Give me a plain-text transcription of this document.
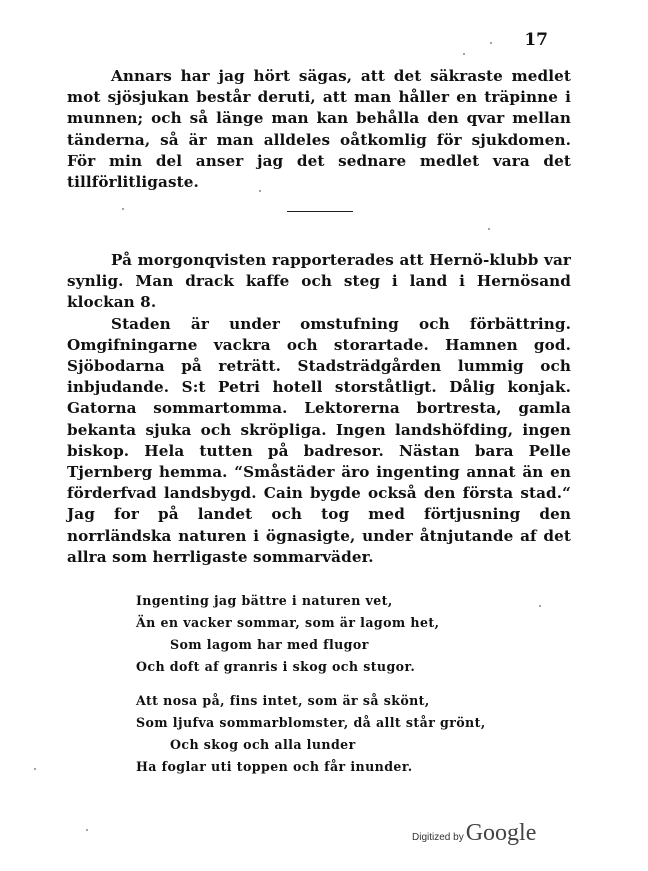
17

Annars har jag hört sägas, att det säkraste medlet mot sjösjukan består deruti, att man håller en träpinne i munnen; och så länge man kan behålla den qvar mellan tänderna, så är man alldeles oåtkomlig för sjukdomen. För min del anser jag det sednare medlet vara det tillförlitligaste.

På morgonqvisten rapporterades att Hernö-klubb var synlig. Man drack kaffe och steg i land i Hernösand klockan 8.

Staden är under omstufning och förbättring. Omgifningarne vackra och storartade. Hamnen god. Sjöbodarna på reträtt. Stadsträdgården lummig och inbjudande. S:t Petri hotell storståtligt. Dålig konjak. Gatorna sommartomma. Lektorerna bortresta, gamla bekanta sjuka och skröpliga. Ingen landshöfding, ingen biskop. Hela tutten på badresor. Nästan bara Pelle Tjernberg hemma. “Småstäder äro ingenting annat än en förderfvad landsbygd. Cain bygde också den första stad.“ Jag for på landet och tog med förtjusning den norrländska naturen i ögnasigte, under åtnjutande af det allra som herrligaste sommarväder.

Ingenting jag bättre i naturen vet,
Än en vacker sommar, som är lagom het,
Som lagom har med flugor
Och doft af granris i skog och stugor.
Att nosa på, fins intet, som är så skönt,
Som ljufva sommarblomster, då allt står grönt,
Och skog och alla lunder
Ha foglar uti toppen och får inunder.
Digitized by Google
